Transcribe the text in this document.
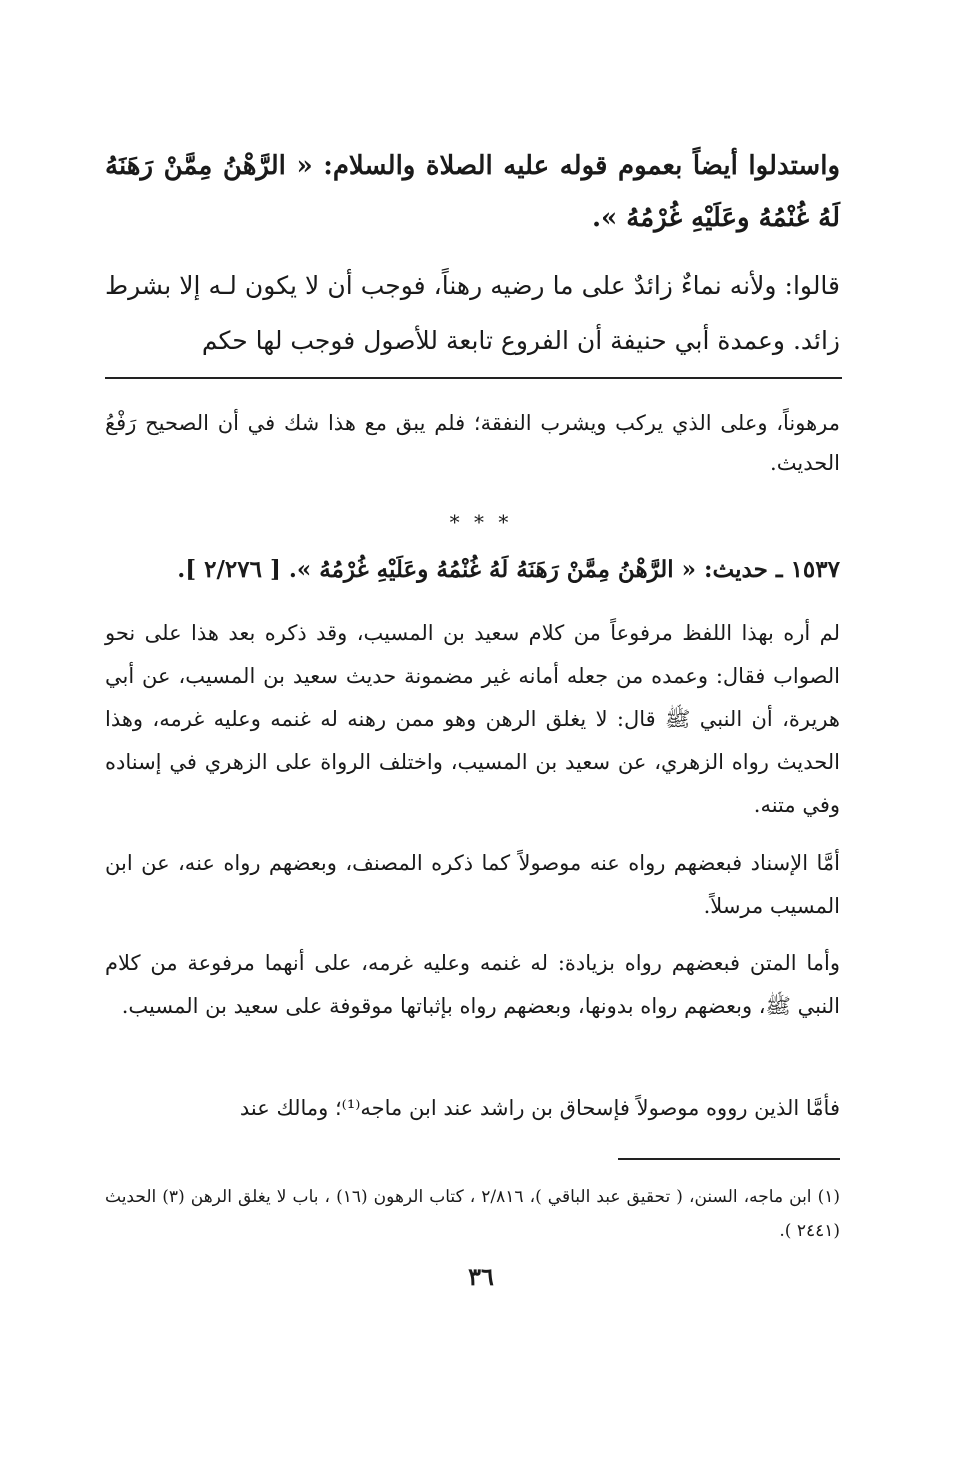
واستدلوا أيضاً بعموم قوله عليه الصلاة والسلام: « الرَّهْنُ مِمَّنْ رَهَنَهُ لَهُ غُنْمُهُ وعَلَيْهِ غُرْمُهُ ».

قالوا: ولأنه نماءٌ زائدٌ على ما رضيه رهناً، فوجب أن لا يكون لـه إلا بشرط زائد. وعمدة أبي حنيفة أن الفروع تابعة للأصول فوجب لها حكم

مرهوناً، وعلى الذي يركب ويشرب النفقة؛ فلم يبق مع هذا شك في أن الصحيح رَفْعُ الحديث.

* * *

١٥٣٧ ـ حديث: « الرَّهْنُ مِمَّنْ رَهَنَهُ لَهُ غُنْمُهُ وعَلَيْهِ غُرْمُهُ ». [ ٢/٢٧٦ ].

لم أره بهذا اللفظ مرفوعاً من كلام سعيد بن المسيب، وقد ذكره بعد هذا على نحو الصواب فقال: وعمده من جعله أمانه غير مضمونة حديث سعيد بن المسيب، عن أبي هريرة، أن النبي ﷺ قال: لا يغلق الرهن وهو ممن رهنه له غنمه وعليه غرمه، وهذا الحديث رواه الزهري، عن سعيد بن المسيب، واختلف الرواة على الزهري في إسناده وفي متنه.

أمَّا الإسناد فبعضهم رواه عنه موصولاً كما ذكره المصنف، وبعضهم رواه عنه، عن ابن المسيب مرسلاً.

وأما المتن فبعضهم رواه بزيادة: له غنمه وعليه غرمه، على أنهما مرفوعة من كلام النبي ﷺ، وبعضهم رواه بدونها، وبعضهم رواه بإثباتها موقوفة على سعيد بن المسيب.

فأمَّا الذين رووه موصولاً فإسحاق بن راشد عند ابن ماجه⁽¹⁾؛ ومالك عند

(١) ابن ماجه، السنن، ( تحقيق عبد الباقي )، ٢/٨١٦ ، كتاب الرهون (١٦) ، باب لا يغلق الرهن (٣) الحديث (٢٤٤١ ).

٣٦
